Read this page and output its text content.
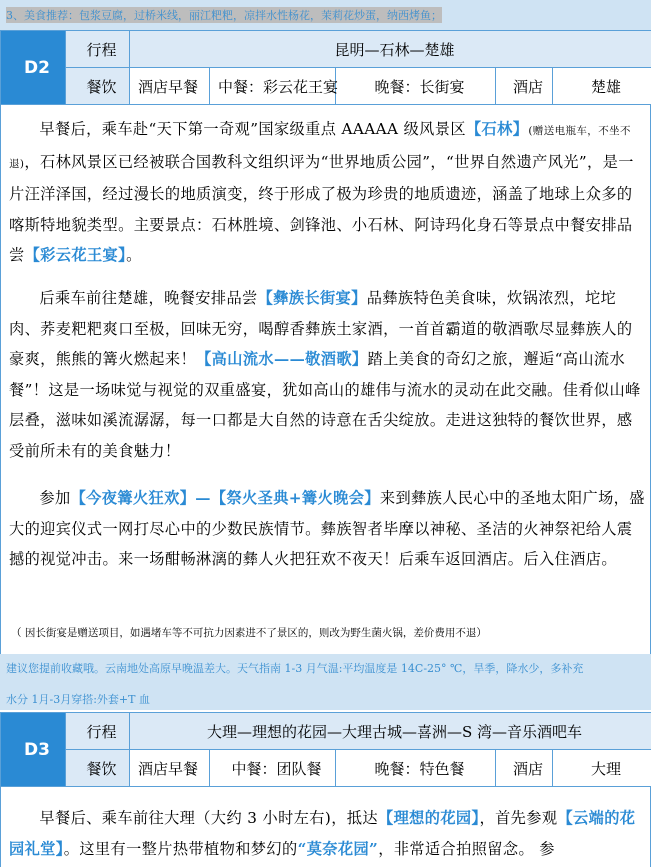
3、美食推荐：包浆豆腐，过桥米线，丽江粑粑，凉拌水性杨花，茉莉花炒蛋，纳西烤鱼；
D2	行程	昆明—石林—楚雄				
	餐饮	酒店早餐	中餐：彩云花王宴	晚餐：长街宴	酒店	楚雄

早餐后，乘车赴“天下第一奇观”国家级重点 AAAAA 级风景区【石林】(赠送电瓶车，不坐不退)，石林风景区已经被联合国教科文组织评为“世界地质公园”，“世界自然遗产风光”，是一片汪洋泽国，经过漫长的地质演变，终于形成了极为珍贵的地质遗迹，涵盖了地球上众多的喀斯特地貌类型。主要景点：石林胜境、剑锋池、小石林、阿诗玛化身石等景点中餐安排品尝【彩云花王宴】。

后乘车前往楚雄，晚餐安排品尝【彝族长街宴】品彝族特色美食味，炊锅浓烈，坨坨肉、荞麦粑粑爽口至极，回味无穷，喝醇香彝族土家酒，一首首霸道的敬酒歌尽显彝族人的豪爽，熊熊的篝火燃起来！【高山流水——敬酒歌】踏上美食的奇幻之旅，邂逅“高山流水餐”！这是一场味觉与视觉的双重盛宴，犹如高山的雄伟与流水的灵动在此交融。佳肴似山峰层叠，滋味如溪流潺潺，每一口都是大自然的诗意在舌尖绽放。走进这独特的餐饮世界，感受前所未有的美食魅力！

参加【今夜篝火狂欢】—【祭火圣典+篝火晚会】来到彝族人民心中的圣地太阳广场，盛大的迎宾仪式一网打尽心中的少数民族情节。彝族智者毕摩以神秘、圣洁的火神祭祀给人震撼的视觉冲击。来一场酣畅淋漓的彝人火把狂欢不夜天！后乘车返回酒店。后入住酒店。

（ 因长街宴是赠送项目，如遇堵车等不可抗力因素进不了景区的，则改为野生菌火锅，差价费用不退）
建议您提前收藏哦。云南地处高原早晚温差大。天气指南 1-3 月气温:平均温度是 14C-25° ℃，旱季，降水少，多补充
水分 1月-3月穿搭:外套+T 血
D3	行程	大理—理想的花园—大理古城—喜洲—S 湾—音乐酒吧车				
	餐饮	酒店早餐	中餐：团队餐	晚餐：特色餐	酒店	大理

早餐后、乘车前往大理（大约 3 小时左右)，抵达【理想的花园】，首先参观【云端的花园礼堂】。这里有一整片热带植物和梦幻的“莫奈花园”，非常适合拍照留念。 参
